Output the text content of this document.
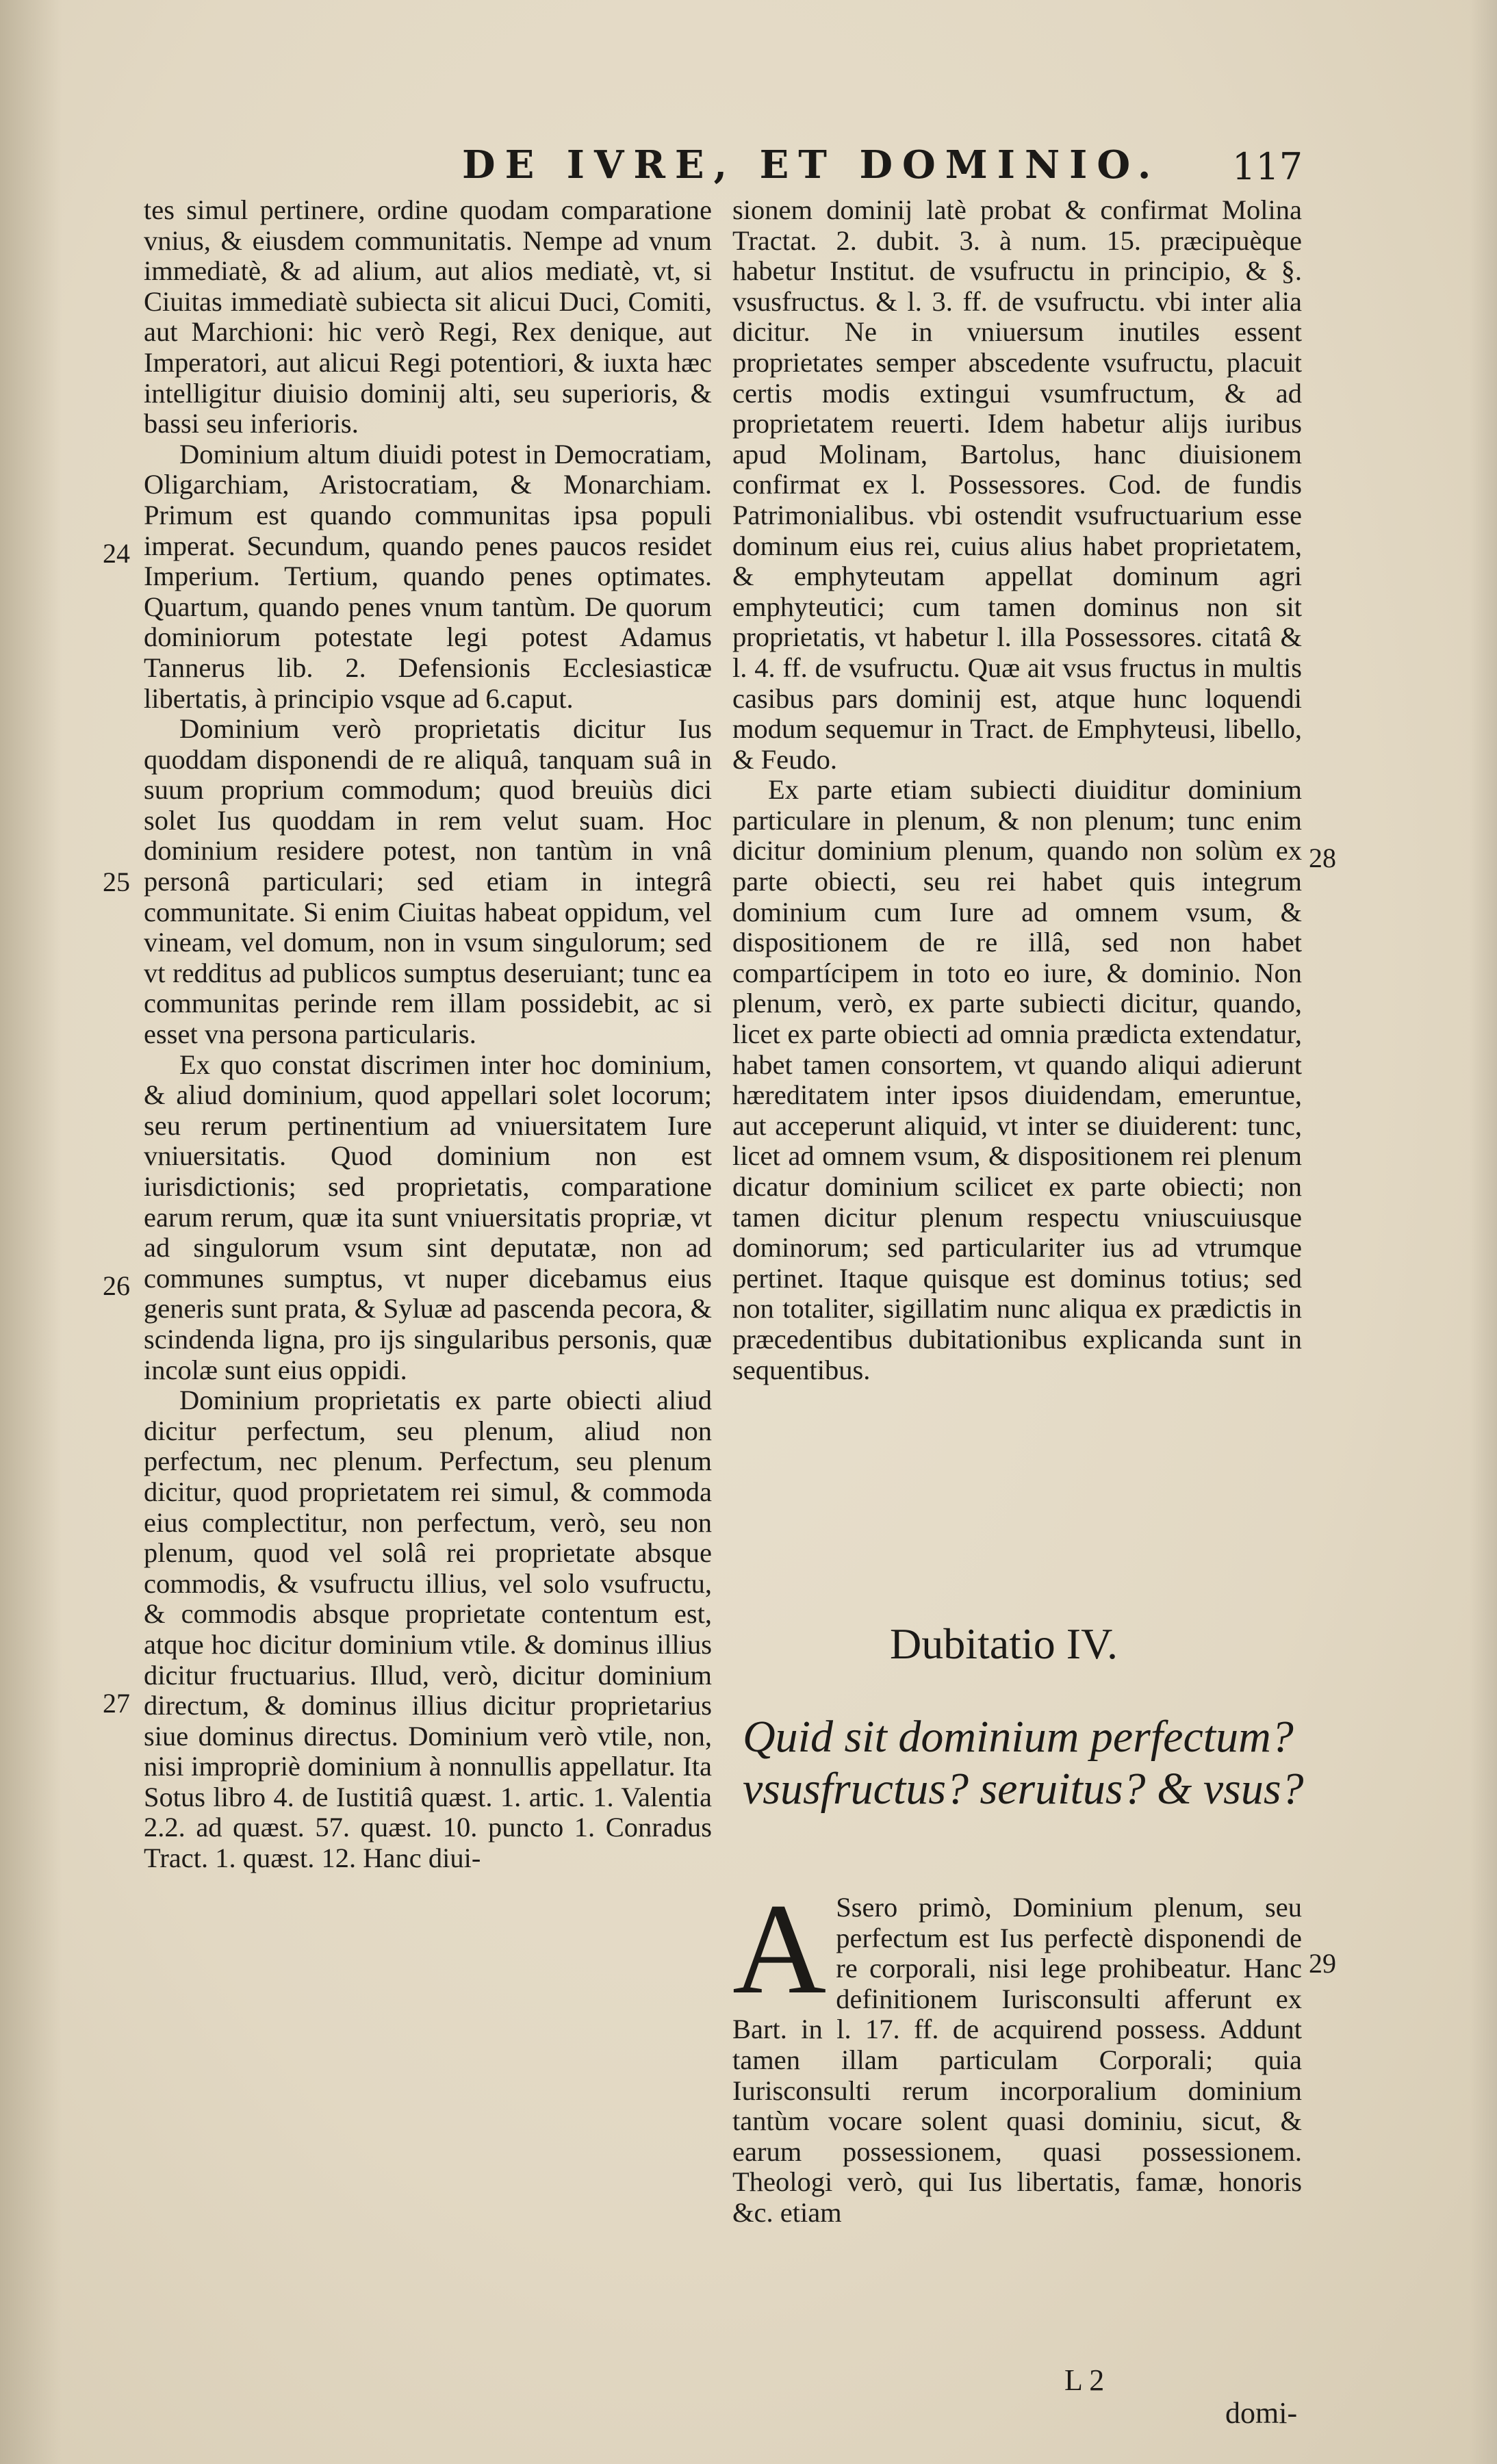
DE IVRE, ET DOMINIO.	117

tes simul pertinere, ordine quodam comparatione vnius, & eiusdem communitatis. Nempe ad vnum immediatè, & ad alium, aut alios mediatè, vt, si Ciuitas immediatè subiecta sit alicui Duci, Comiti, aut Marchioni: hic verò Regi, Rex denique, aut Imperatori, aut alicui Regi potentiori, & iuxta hæc intelligitur diuisio dominij alti, seu superioris, & bassi seu inferioris.

Dominium altum diuidi potest in Democratiam, Oligarchiam, Aristocratiam, & Monarchiam. Primum est quando communitas ipsa populi imperat. Secundum, quando penes paucos residet Imperium. Tertium, quando penes optimates. Quartum, quando penes vnum tantùm. De quorum dominiorum potestate legi potest Adamus Tannerus lib. 2. Defensionis Ecclesiasticæ libertatis, à principio vsque ad 6.caput.

Dominium verò proprietatis dicitur Ius quoddam disponendi de re aliquâ, tanquam suâ in suum proprium commodum; quod breuiùs dici solet Ius quoddam in rem velut suam. Hoc dominium residere potest, non tantùm in vnâ personâ particulari; sed etiam in integrâ communitate. Si enim Ciuitas habeat oppidum, vel vineam, vel domum, non in vsum singulorum; sed vt redditus ad publicos sumptus deseruiant; tunc ea communitas perinde rem illam possidebit, ac si esset vna persona particularis.

Ex quo constat discrimen inter hoc dominium, & aliud dominium, quod appellari solet locorum; seu rerum pertinentium ad vniuersitatem Iure vniuersitatis. Quod dominium non est iurisdictionis; sed proprietatis, comparatione earum rerum, quæ ita sunt vniuersitatis propriæ, vt ad singulorum vsum sint deputatæ, non ad communes sumptus, vt nuper dicebamus eius generis sunt prata, & Syluæ ad pascenda pecora, & scindenda ligna, pro ijs singularibus personis, quæ incolæ sunt eius oppidi.

Dominium proprietatis ex parte obiecti aliud dicitur perfectum, seu plenum, aliud non perfectum, nec plenum. Perfectum, seu plenum dicitur, quod proprietatem rei simul, & commoda eius complectitur, non perfectum, verò, seu non plenum, quod vel solâ rei proprietate absque commodis, & vsufructu illius, vel solo vsufructu, & commodis absque proprietate contentum est, atque hoc dicitur dominium vtile. & dominus illius dicitur fructuarius. Illud, verò, dicitur dominium directum, & dominus illius dicitur proprietarius siue dominus directus. Dominium verò vtile, non, nisi impropriè dominium à nonnullis appellatur. Ita Sotus libro 4. de Iustitiâ quæst. 1. artic. 1. Valentia 2.2. ad quæst. 57. quæst. 10. puncto 1. Conradus Tract. 1. quæst. 12. Hanc diui-

24
25
26
27

sionem dominij latè probat & confirmat Molina Tractat. 2. dubit. 3. à num. 15. præcipuèque habetur Institut. de vsufructu in principio, & §. vsusfructus. & l. 3. ff. de vsufructu. vbi inter alia dicitur. Ne in vniuersum inutiles essent proprietates semper abscedente vsufructu, placuit certis modis extingui vsumfructum, & ad proprietatem reuerti. Idem habetur alijs iuribus apud Molinam, Bartolus, hanc diuisionem confirmat ex l. Possessores. Cod. de fundis Patrimonialibus. vbi ostendit vsufructuarium esse dominum eius rei, cuius alius habet proprietatem, & emphyteutam appellat dominum agri emphyteutici; cum tamen dominus non sit proprietatis, vt habetur l. illa Possessores. citatâ & l. 4. ff. de vsufructu. Quæ ait vsus fructus in multis casibus pars dominij est, atque hunc loquendi modum sequemur in Tract. de Emphyteusi, libello, & Feudo.

Ex parte etiam subiecti diuiditur dominium particulare in plenum, & non plenum; tunc enim dicitur dominium plenum, quando non solùm ex parte obiecti, seu rei habet quis integrum dominium cum Iure ad omnem vsum, & dispositionem de re illâ, sed non habet compartícipem in toto eo iure, & dominio. Non plenum, verò, ex parte subiecti dicitur, quando, licet ex parte obiecti ad omnia prædicta extendatur, habet tamen consortem, vt quando aliqui adierunt hæreditatem inter ipsos diuidendam, emeruntue, aut acceperunt aliquid, vt inter se diuiderent: tunc, licet ad omnem vsum, & dispositionem rei plenum dicatur dominium scilicet ex parte obiecti; non tamen dicitur plenum respectu vniuscuiusque dominorum; sed particulariter ius ad vtrumque pertinet. Itaque quisque est dominus totius; sed non totaliter, sigillatim nunc aliqua ex prædictis in præcedentibus dubitationibus explicanda sunt in sequentibus.

28
29
Dubitatio IV.
Quid sit dominium perfectum? vsusfructus? seruitus? & vsus?
A Ssero primò, Dominium plenum, seu perfectum est Ius perfectè disponendi de re corporali, nisi lege prohibeatur. Hanc definitionem Iurisconsulti afferunt ex Bart. in l. 17. ff. de acquirend possess. Addunt tamen illam particulam Corporali; quia Iurisconsulti rerum incorporalium dominium tantùm vocare solent quasi dominiu, sicut, & earum possessionem, quasi possessionem. Theologi verò, qui Ius libertatis, famæ, honoris &c. etiam
L 2
domi-
